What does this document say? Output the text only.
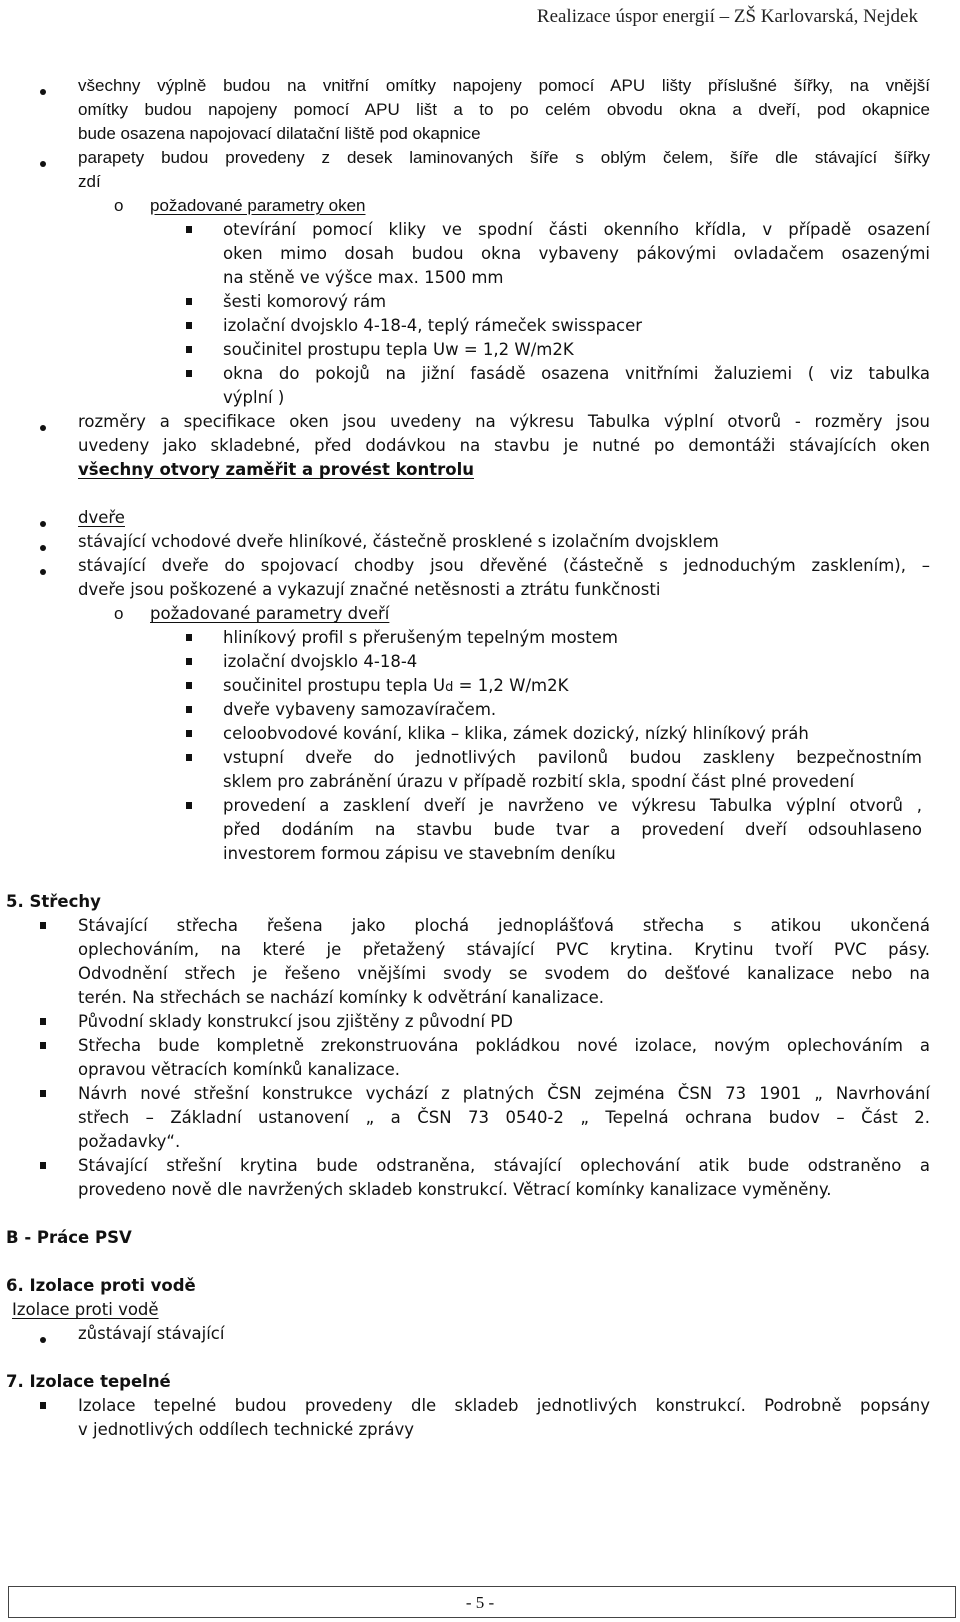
Realizace úspor energií – ZŠ Karlovarská, Nejdek
všechny výplně budou na vnitřní omítky napojeny pomocí APU lišty příslušné šířky, na vnější
omítky budou napojeny pomocí APU lišt a to po celém obvodu okna a dveří, pod okapnice
bude osazena napojovací dilatační liště pod okapnice
parapety budou provedeny z desek laminovaných šíře s oblým čelem, šíře dle stávající šířky
zdí
o požadované parametry oken
otevírání pomocí kliky ve spodní části okenního křídla, v případě osazení
oken mimo dosah budou okna vybaveny pákovými ovladačem osazenými
na stěně ve výšce max. 1500 mm
šesti komorový rám
izolační dvojsklo 4-18-4, teplý rámeček swisspacer
součinitel prostupu tepla Uw = 1,2 W/m2K
okna do pokojů na jižní fasádě osazena vnitřními žaluziemi ( viz tabulka
výplní )
rozměry a specifikace oken jsou uvedeny na výkresu Tabulka výplní otvorů - rozměry jsou
uvedeny jako skladebné, před dodávkou na stavbu je nutné po demontáži stávajících oken
všechny otvory zaměřit a provést kontrolu
dveře
stávající vchodové dveře hliníkové, částečně prosklené s izolačním dvojsklem
stávající dveře do spojovací chodby jsou dřevěné (částečně s jednoduchým zasklením), –
dveře jsou poškozené a vykazují značné netěsnosti a ztrátu funkčnosti
o požadované parametry dveří
hliníkový profil s přerušeným tepelným mostem
izolační dvojsklo 4-18-4
součinitel prostupu tepla Ud = 1,2 W/m2K
dveře vybaveny samozavíračem.
celoobvodové kování, klika – klika, zámek dozický, nízký hliníkový práh
vstupní dveře do jednotlivých pavilonů budou zaskleny bezpečnostním
sklem pro zabránění úrazu v případě rozbití skla, spodní část plné provedení
provedení a zasklení dveří je navrženo ve výkresu Tabulka výplní otvorů ,
před dodáním na stavbu bude tvar a provedení dveří odsouhlaseno
investorem formou zápisu ve stavebním deníku
5. Střechy
Stávající střecha řešena jako plochá jednoplášťová střecha s atikou ukončená
oplechováním, na které je přetažený stávající PVC krytina. Krytinu tvoří PVC pásy.
Odvodnění střech je řešeno vnějšími svody se svodem do dešťové kanalizace nebo na
terén. Na střechách se nachází komínky k odvětrání kanalizace.
Původní sklady konstrukcí jsou zjištěny z původní PD
Střecha bude kompletně zrekonstruována pokládkou nové izolace, novým oplechováním a
opravou větracích komínků kanalizace.
Návrh nové střešní konstrukce vychází z platných ČSN zejména ČSN 73 1901 „ Navrhování
střech – Základní ustanovení „ a ČSN 73 0540-2 „ Tepelná ochrana budov – Část 2.
požadavky“.
Stávající střešní krytina bude odstraněna, stávající oplechování atik bude odstraněno a
provedeno nově dle navržených skladeb konstrukcí. Větrací komínky kanalizace vyměněny.
B - Práce PSV
6. Izolace proti vodě
Izolace proti vodě
zůstávají stávající
7. Izolace tepelné
Izolace tepelné budou provedeny dle skladeb jednotlivých konstrukcí. Podrobně popsány
v jednotlivých oddílech technické zprávy
- 5 -
